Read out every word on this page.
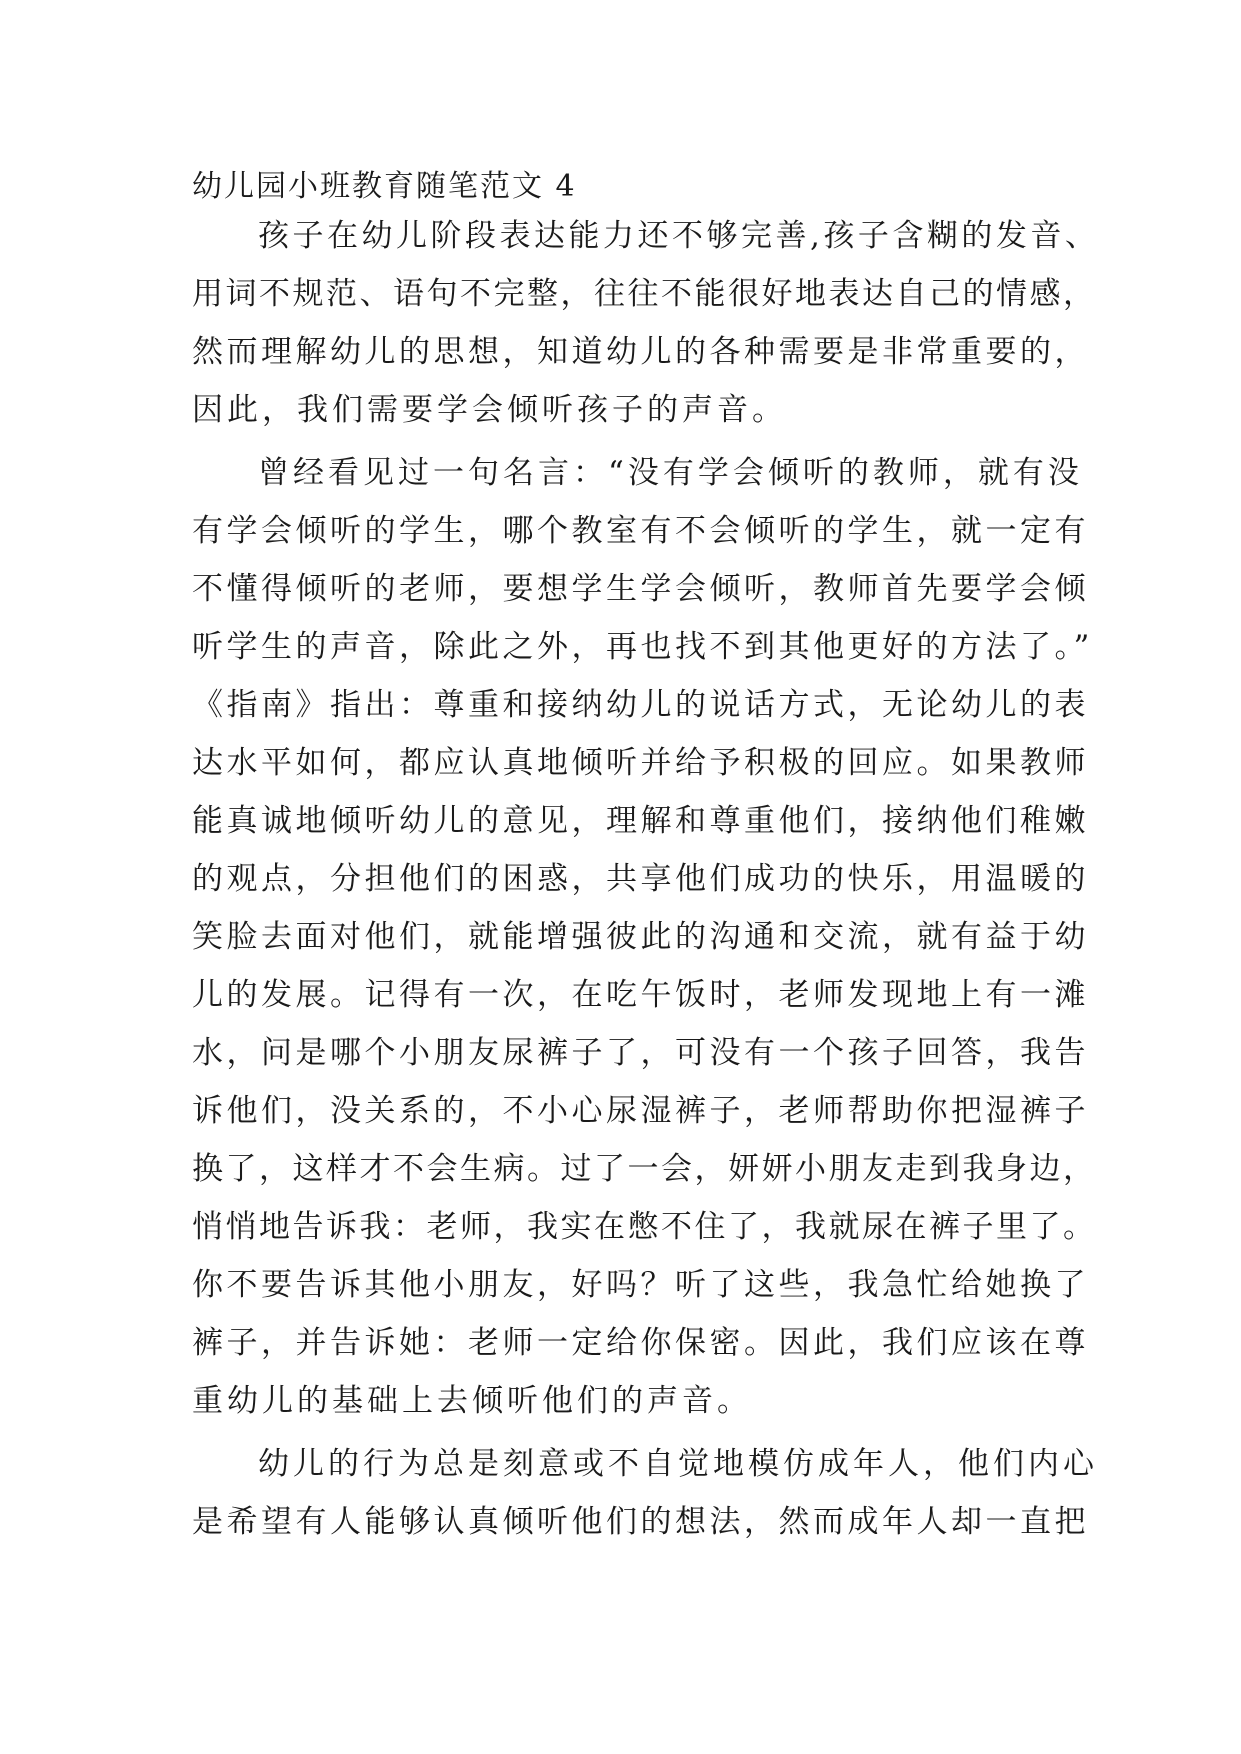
幼儿园小班教育随笔范文 4
孩子在幼儿阶段表达能力还不够完善,孩子含糊的发音、
用词不规范、语句不完整，往往不能很好地表达自己的情感，
然而理解幼儿的思想，知道幼儿的各种需要是非常重要的，
因此，我们需要学会倾听孩子的声音。
曾经看见过一句名言：“没有学会倾听的教师，就有没
有学会倾听的学生，哪个教室有不会倾听的学生，就一定有
不懂得倾听的老师，要想学生学会倾听，教师首先要学会倾
听学生的声音，除此之外，再也找不到其他更好的方法了。”
《指南》指出：尊重和接纳幼儿的说话方式，无论幼儿的表
达水平如何，都应认真地倾听并给予积极的回应。如果教师
能真诚地倾听幼儿的意见，理解和尊重他们，接纳他们稚嫩
的观点，分担他们的困惑，共享他们成功的快乐，用温暖的
笑脸去面对他们，就能增强彼此的沟通和交流，就有益于幼
儿的发展。记得有一次，在吃午饭时，老师发现地上有一滩
水，问是哪个小朋友尿裤子了，可没有一个孩子回答，我告
诉他们，没关系的，不小心尿湿裤子，老师帮助你把湿裤子
换了，这样才不会生病。过了一会，妍妍小朋友走到我身边，
悄悄地告诉我：老师，我实在憋不住了，我就尿在裤子里了。
你不要告诉其他小朋友，好吗？听了这些，我急忙给她换了
裤子，并告诉她：老师一定给你保密。因此，我们应该在尊
重幼儿的基础上去倾听他们的声音。
幼儿的行为总是刻意或不自觉地模仿成年人，他们内心
是希望有人能够认真倾听他们的想法，然而成年人却一直把
